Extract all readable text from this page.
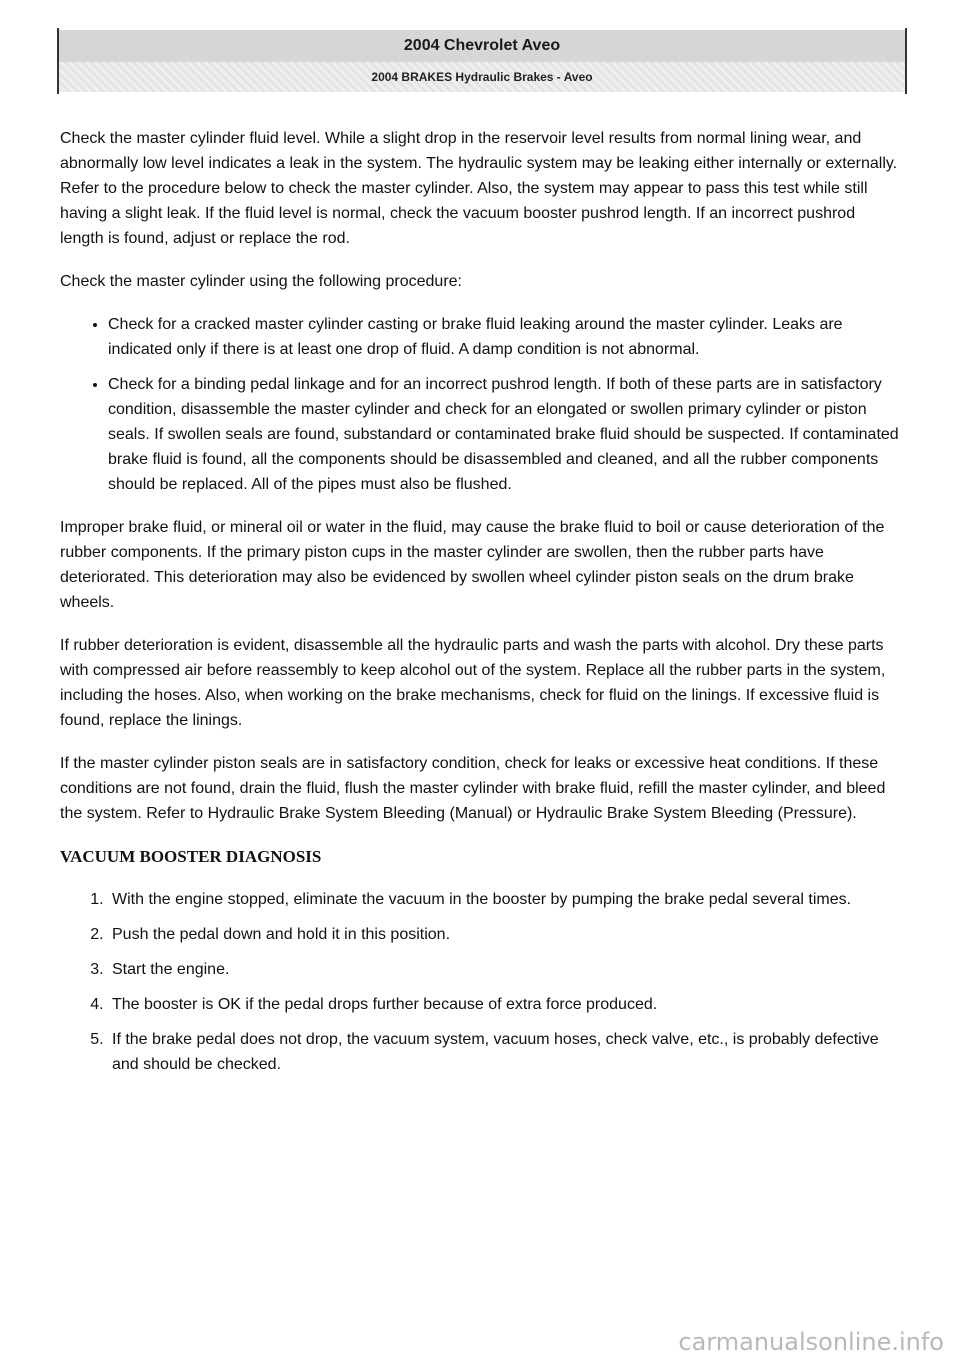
2004 Chevrolet Aveo
2004 BRAKES Hydraulic Brakes - Aveo

Check the master cylinder fluid level. While a slight drop in the reservoir level results from normal lining wear, and abnormally low level indicates a leak in the system. The hydraulic system may be leaking either internally or externally. Refer to the procedure below to check the master cylinder. Also, the system may appear to pass this test while still having a slight leak. If the fluid level is normal, check the vacuum booster pushrod length. If an incorrect pushrod length is found, adjust or replace the rod.

Check the master cylinder using the following procedure:

• Check for a cracked master cylinder casting or brake fluid leaking around the master cylinder. Leaks are indicated only if there is at least one drop of fluid. A damp condition is not abnormal.
• Check for a binding pedal linkage and for an incorrect pushrod length. If both of these parts are in satisfactory condition, disassemble the master cylinder and check for an elongated or swollen primary cylinder or piston seals. If swollen seals are found, substandard or contaminated brake fluid should be suspected. If contaminated brake fluid is found, all the components should be disassembled and cleaned, and all the rubber components should be replaced. All of the pipes must also be flushed.

Improper brake fluid, or mineral oil or water in the fluid, may cause the brake fluid to boil or cause deterioration of the rubber components. If the primary piston cups in the master cylinder are swollen, then the rubber parts have deteriorated. This deterioration may also be evidenced by swollen wheel cylinder piston seals on the drum brake wheels.

If rubber deterioration is evident, disassemble all the hydraulic parts and wash the parts with alcohol. Dry these parts with compressed air before reassembly to keep alcohol out of the system. Replace all the rubber parts in the system, including the hoses. Also, when working on the brake mechanisms, check for fluid on the linings. If excessive fluid is found, replace the linings.

If the master cylinder piston seals are in satisfactory condition, check for leaks or excessive heat conditions. If these conditions are not found, drain the fluid, flush the master cylinder with brake fluid, refill the master cylinder, and bleed the system. Refer to Hydraulic Brake System Bleeding (Manual) or Hydraulic Brake System Bleeding (Pressure).

VACUUM BOOSTER DIAGNOSIS
1. With the engine stopped, eliminate the vacuum in the booster by pumping the brake pedal several times.
2. Push the pedal down and hold it in this position.
3. Start the engine.
4. The booster is OK if the pedal drops further because of extra force produced.
5. If the brake pedal does not drop, the vacuum system, vacuum hoses, check valve, etc., is probably defective and should be checked.
carmanualsonline.info
